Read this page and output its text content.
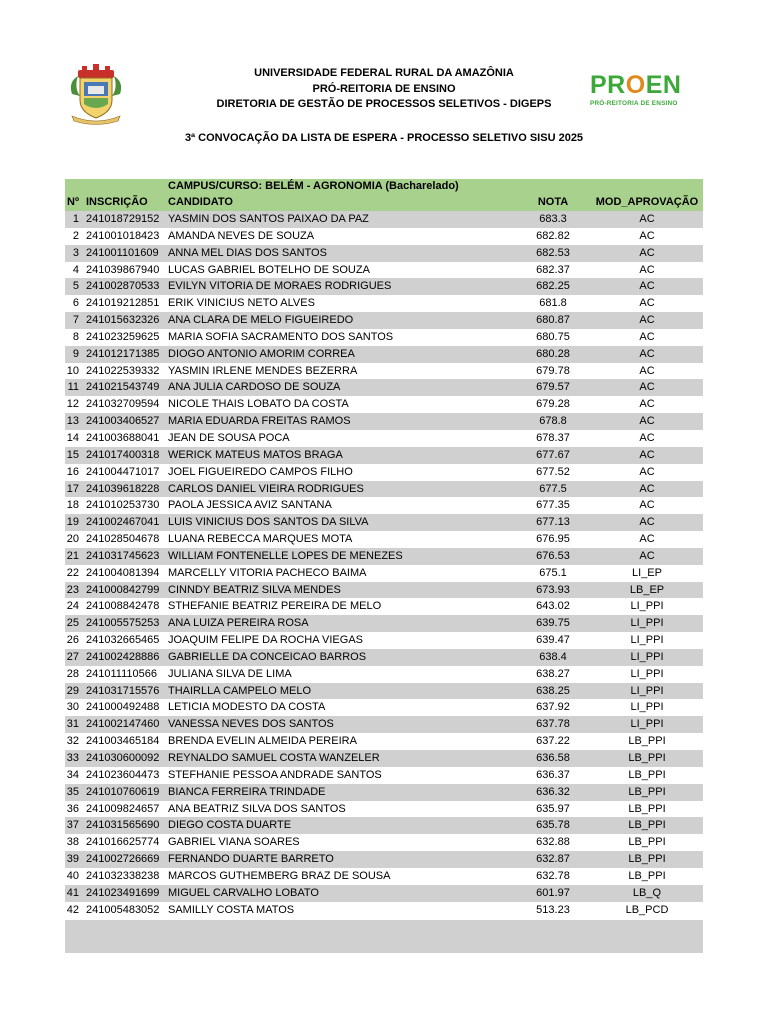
UNIVERSIDADE FEDERAL RURAL DA AMAZÔNIA
PRÓ-REITORIA DE ENSINO
DIRETORIA DE GESTÃO DE PROCESSOS SELETIVOS - DIGEPS
PROEN
PRÓ-REITORIA DE ENSINO
3ª CONVOCAÇÃO DA LISTA DE ESPERA - PROCESSO SELETIVO SISU 2025
CAMPUS/CURSO: BELÉM - AGRONOMIA (Bacharelado)
Nº INSCRIÇÃO CANDIDATO	NOTA	MOD_APROVAÇÃO
1 241018729152 YASMIN DOS SANTOS PAIXAO DA PAZ	683.3	AC
2 241001018423 AMANDA NEVES DE SOUZA	682.82	AC
3 241001101609 ANNA MEL DIAS DOS SANTOS	682.53	AC
4 241039867940 LUCAS GABRIEL BOTELHO DE SOUZA	682.37	AC
5 241002870533 EVILYN VITORIA DE MORAES RODRIGUES	682.25	AC
6 241019212851 ERIK VINICIUS NETO ALVES	681.8	AC
7 241015632326 ANA CLARA DE MELO FIGUEIREDO	680.87	AC
8 241023259625 MARIA SOFIA SACRAMENTO DOS SANTOS	680.75	AC
9 241012171385 DIOGO ANTONIO AMORIM CORREA	680.28	AC
10 241022539332 YASMIN IRLENE MENDES BEZERRA	679.78	AC
11 241021543749 ANA JULIA CARDOSO DE SOUZA	679.57	AC
12 241032709594 NICOLE THAIS LOBATO DA COSTA	679.28	AC
13 241003406527 MARIA EDUARDA FREITAS RAMOS	678.8	AC
14 241003688041 JEAN DE SOUSA POCA	678.37	AC
15 241017400318 WERICK MATEUS MATOS BRAGA	677.67	AC
16 241004471017 JOEL FIGUEIREDO CAMPOS FILHO	677.52	AC
17 241039618228 CARLOS DANIEL VIEIRA RODRIGUES	677.5	AC
18 241010253730 PAOLA JESSICA AVIZ SANTANA	677.35	AC
19 241002467041 LUIS VINICIUS DOS SANTOS DA SILVA	677.13	AC
20 241028504678 LUANA REBECCA MARQUES MOTA	676.95	AC
21 241031745623 WILLIAM FONTENELLE LOPES DE MENEZES	676.53	AC
22 241004081394 MARCELLY VITORIA PACHECO BAIMA	675.1	LI_EP
23 241000842799 CINNDY BEATRIZ SILVA MENDES	673.93	LB_EP
24 241008842478 STHEFANIE BEATRIZ PEREIRA DE MELO	643.02	LI_PPI
25 241005575253 ANA LUIZA PEREIRA ROSA	639.75	LI_PPI
26 241032665465 JOAQUIM FELIPE DA ROCHA VIEGAS	639.47	LI_PPI
27 241002428886 GABRIELLE DA CONCEICAO BARROS	638.4	LI_PPI
28 241011110566 JULIANA SILVA DE LIMA	638.27	LI_PPI
29 241031715576 THAIRLLA CAMPELO MELO	638.25	LI_PPI
30 241000492488 LETICIA MODESTO DA COSTA	637.92	LI_PPI
31 241002147460 VANESSA NEVES DOS SANTOS	637.78	LI_PPI
32 241003465184 BRENDA EVELIN ALMEIDA PEREIRA	637.22	LB_PPI
33 241030600092 REYNALDO SAMUEL COSTA WANZELER	636.58	LB_PPI
34 241023604473 STEFHANIE PESSOA ANDRADE SANTOS	636.37	LB_PPI
35 241010760619 BIANCA FERREIRA TRINDADE	636.32	LB_PPI
36 241009824657 ANA BEATRIZ SILVA DOS SANTOS	635.97	LB_PPI
37 241031565690 DIEGO COSTA DUARTE	635.78	LB_PPI
38 241016625774 GABRIEL VIANA SOARES	632.88	LB_PPI
39 241002726669 FERNANDO DUARTE BARRETO	632.87	LB_PPI
40 241032338238 MARCOS GUTHEMBERG BRAZ DE SOUSA	632.78	LB_PPI
41 241023491699 MIGUEL CARVALHO LOBATO	601.97	LB_Q
42 241005483052 SAMILLY COSTA MATOS	513.23	LB_PCD
